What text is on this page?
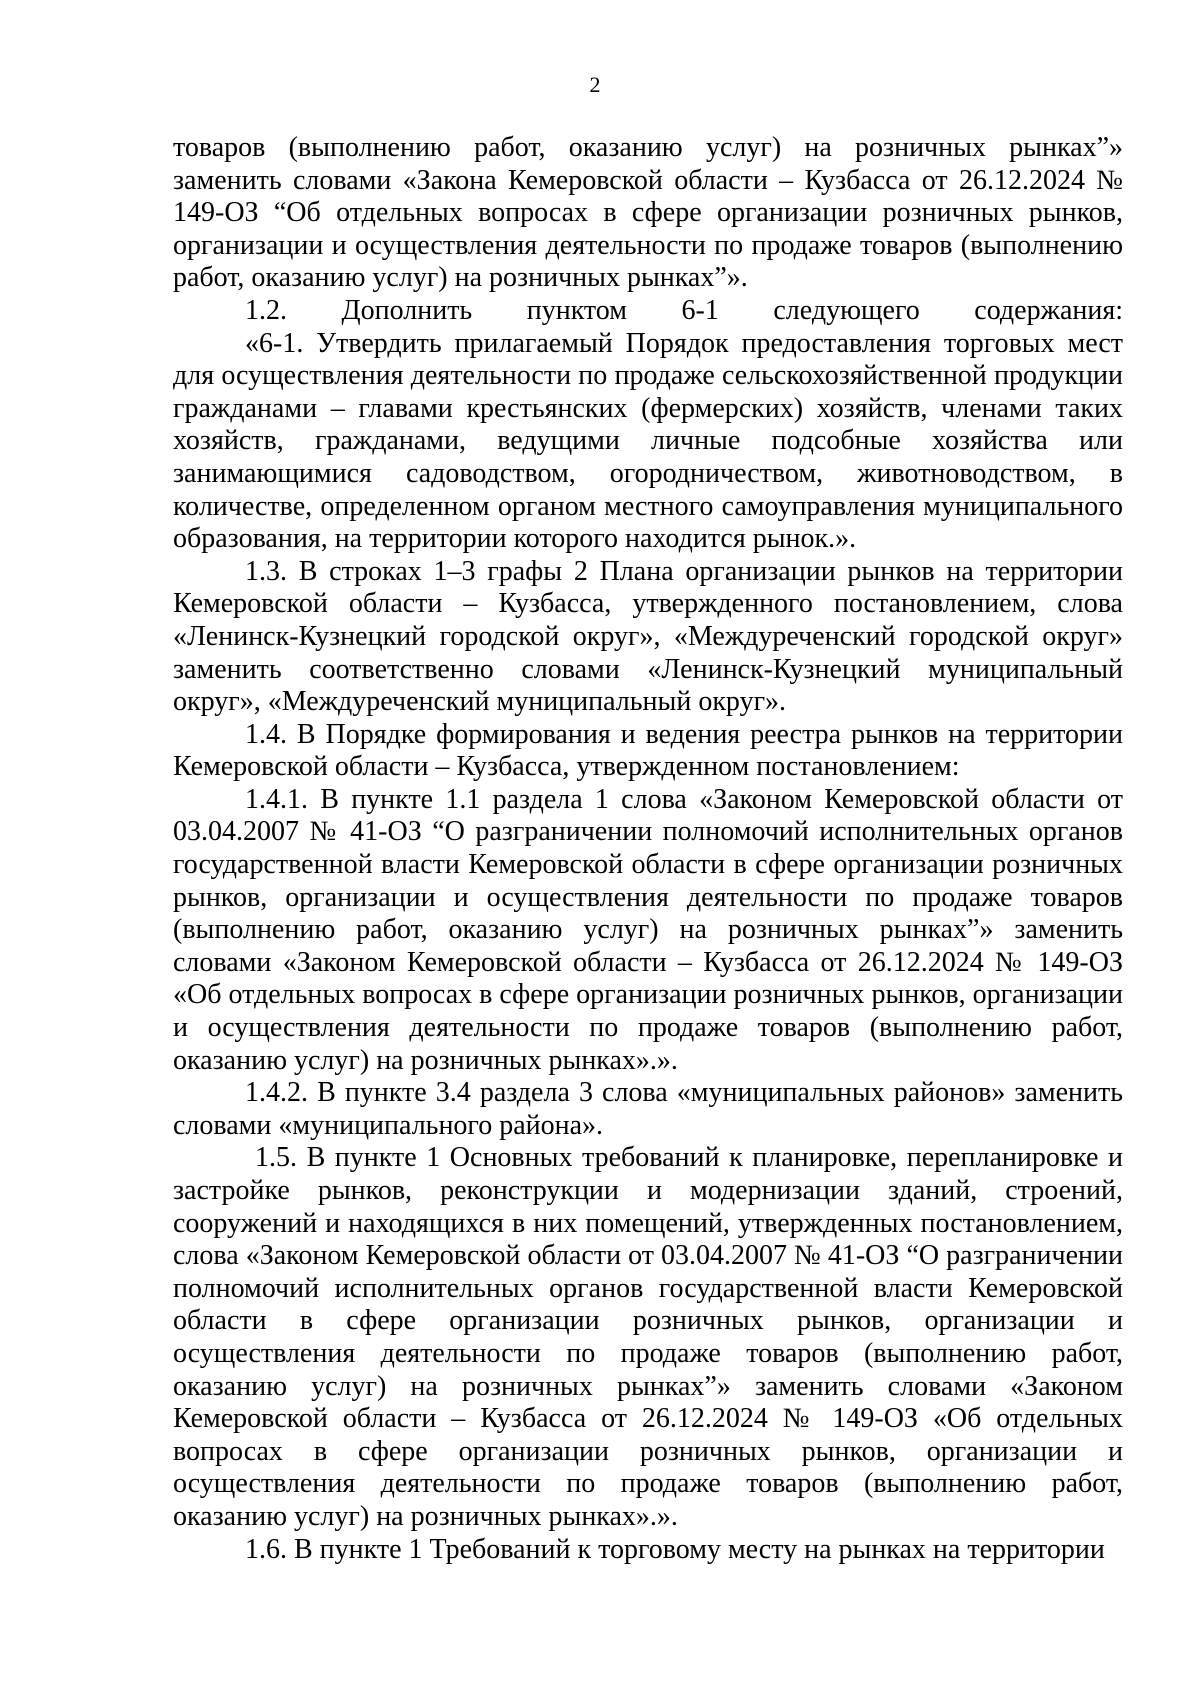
2

товаров (выполнению работ, оказанию услуг) на розничных рынках”» заменить словами «Закона Кемеровской области – Кузбасса от 26.12.2024 № 149-ОЗ “Об отдельных вопросах в сфере организации розничных рынков, организации и осуществления деятельности по продаже товаров (выполнению работ, оказанию услуг) на розничных рынках”».

1.2. Дополнить пунктом 6-1 следующего содержания:

«6-1. Утвердить прилагаемый Порядок предоставления торговых мест для осуществления деятельности по продаже сельскохозяйственной продукции гражданами – главами крестьянских (фермерских) хозяйств, членами таких хозяйств, гражданами, ведущими личные подсобные хозяйства или занимающимися садоводством, огородничеством, животноводством, в количестве, определенном органом местного самоуправления муниципального образования, на территории которого находится рынок.».

1.3. В строках 1–3 графы 2 Плана организации рынков на территории Кемеровской области – Кузбасса, утвержденного постановлением, слова «Ленинск-Кузнецкий городской округ», «Междуреченский городской округ» заменить соответственно словами «Ленинск-Кузнецкий муниципальный округ», «Междуреченский муниципальный округ».

1.4. В Порядке формирования и ведения реестра рынков на территории Кемеровской области – Кузбасса, утвержденном постановлением:

1.4.1. В пункте 1.1 раздела 1 слова «Законом Кемеровской области от 03.04.2007 № 41-ОЗ “О разграничении полномочий исполнительных органов государственной власти Кемеровской области в сфере организации розничных рынков, организации и осуществления деятельности по продаже товаров (выполнению работ, оказанию услуг) на розничных рынках”» заменить словами «Законом Кемеровской области – Кузбасса от 26.12.2024 № 149-ОЗ «Об отдельных вопросах в сфере организации розничных рынков, организации и осуществления деятельности по продаже товаров (выполнению работ, оказанию услуг) на розничных рынках».».

1.4.2. В пункте 3.4 раздела 3 слова «муниципальных районов» заменить словами «муниципального района».

1.5. В пункте 1 Основных требований к планировке, перепланировке и застройке рынков, реконструкции и модернизации зданий, строений, сооружений и находящихся в них помещений, утвержденных постановлением, слова «Законом Кемеровской области от 03.04.2007 № 41-ОЗ “О разграничении полномочий исполнительных органов государственной власти Кемеровской области в сфере организации розничных рынков, организации и осуществления деятельности по продаже товаров (выполнению работ, оказанию услуг) на розничных рынках”» заменить словами «Законом Кемеровской области – Кузбасса от 26.12.2024 № 149-ОЗ «Об отдельных вопросах в сфере организации розничных рынков, организации и осуществления деятельности по продаже товаров (выполнению работ, оказанию услуг) на розничных рынках».».

1.6. В пункте 1 Требований к торговому месту на рынках на территории
